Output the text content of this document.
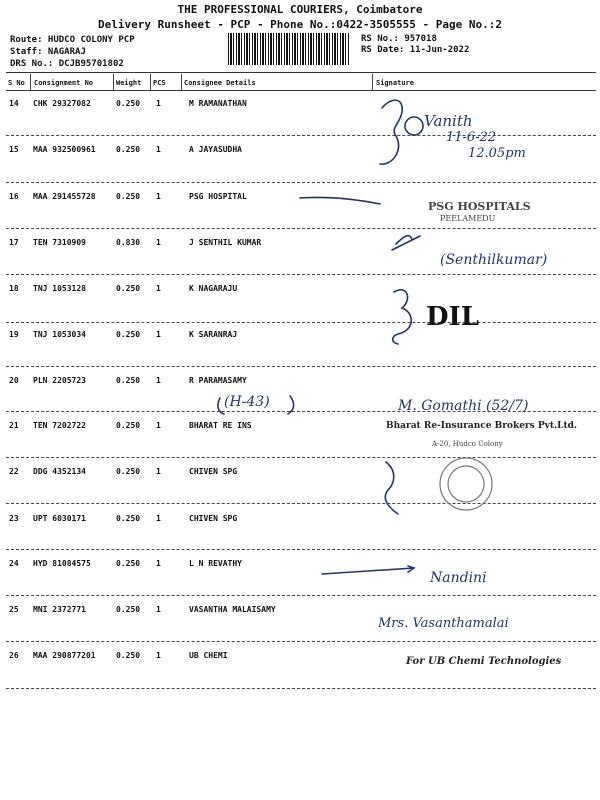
THE PROFESSIONAL COURIERS, Coimbatore
Delivery Runsheet - PCP - Phone No.:0422-3505555 - Page No.:2
Route: HUDCO COLONY PCP
Staff: NAGARAJ
DRS No.: DCJB95701802
RS No.: 957018
RS Date: 11-Jun-2022
S No Consignment No	Weight PCS	Consignee Details	Signature
14 CHK 29327082	0.250 1	M RAMANATHAN
15 MAA 932500961	0.250 1	A JAYASUDHA
16 MAA 291455728	0.250 1	PSG HOSPITAL
17 TEN 7310909	0.830 1	J SENTHIL KUMAR
18 TNJ 1053128	0.250 1	K NAGARAJU
19 TNJ 1053034	0.250 1	K SARANRAJ
20 PLN 2205723	0.250 1	R PARAMASAMY
21 TEN 7202722	0.250 1	BHARAT RE INS
22 DDG 4352134	0.250 1	CHIVEN SPG
23 UPT 6030171	0.250 1	CHIVEN SPG
24 HYD 81084575	0.250 1	L N REVATHY
25 MNI 2372771	0.250 1	VASANTHA MALAISAMY
26 MAA 290877201	0.250 1	UB CHEMI
Vanith
11-6-22
12.05pm
PSG HOSPITALS
PEELAMEDU
(Senthilkumar)
DIL
(H-43)	M. Gomathi (52/7)
Bharat Re-Insurance Brokers Pvt.Ltd.
A-20, Hudco Colony
Nandini
Mrs. Vasanthamalai
For UB Chemi Technologies
